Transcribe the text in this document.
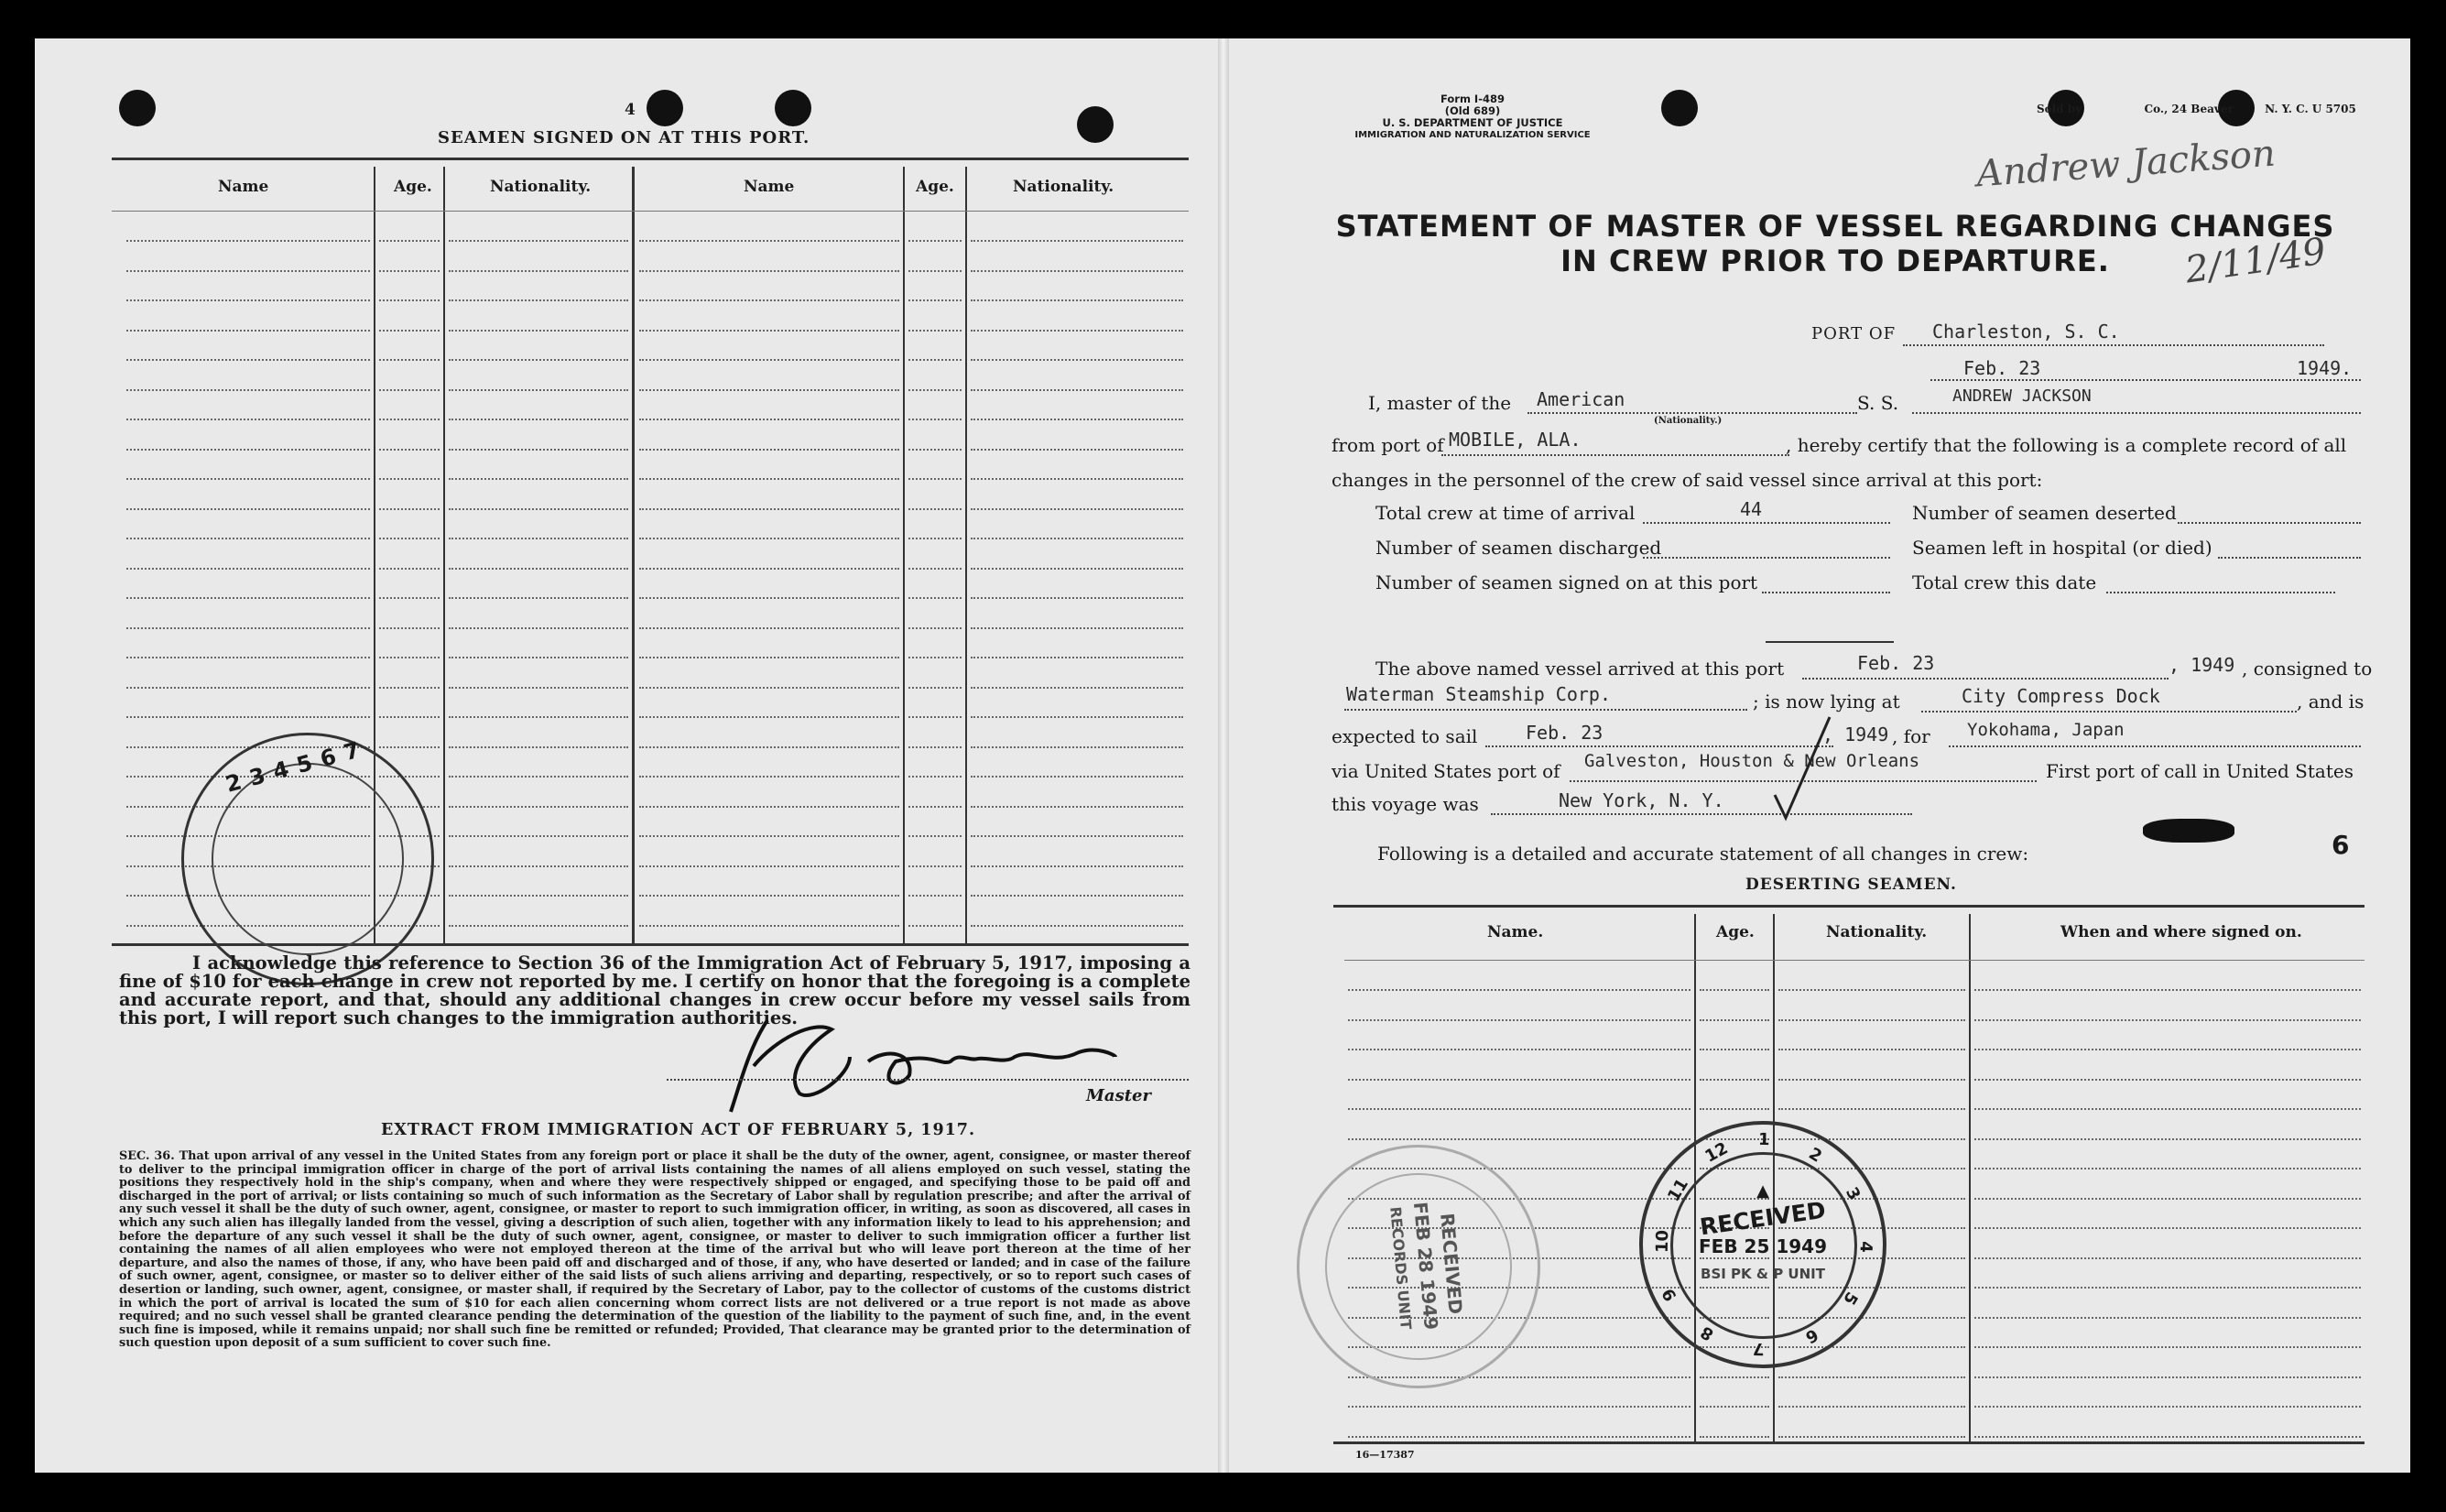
4
SEAMEN SIGNED ON AT THIS PORT.
Name	Age.	Nationality.	Name	Age.	Nationality.
234567
I acknowledge this reference to Section 36 of the Immigration Act of February 5, 1917, imposing a fine of $10 for each change in crew not reported by me. I certify on honor that the foregoing is a complete and accurate report, and that, should any additional changes in crew occur before my vessel sails from this port, I will report such changes to the immigration authorities.
Master
EXTRACT FROM IMMIGRATION ACT OF FEBRUARY 5, 1917.
SEC. 36. That upon arrival of any vessel in the United States from any foreign port or place it shall be the duty of the owner, agent, consignee, or master thereof to deliver to the principal immigration officer in charge of the port of arrival lists containing the names of all aliens employed on such vessel, stating the positions they respectively hold in the ship's company, when and where they were respectively shipped or engaged, and specifying those to be paid off and discharged in the port of arrival; or lists containing so much of such information as the Secretary of Labor shall by regulation prescribe; and after the arrival of any such vessel it shall be the duty of such owner, agent, consignee, or master to report to such immigration officer, in writing, as soon as discovered, all cases in which any such alien has illegally landed from the vessel, giving a description of such alien, together with any information likely to lead to his apprehension; and before the departure of any such vessel it shall be the duty of such owner, agent, consignee, or master to deliver to such immigration officer a further list containing the names of all alien employees who were not employed thereon at the time of the arrival but who will leave port thereon at the time of her departure, and also the names of those, if any, who have been paid off and discharged and of those, if any, who have deserted or landed; and in case of the failure of such owner, agent, consignee, or master so to deliver either of the said lists of such aliens arriving and departing, respectively, or so to report such cases of desertion or landing, such owner, agent, consignee, or master shall, if required by the Secretary of Labor, pay to the collector of customs of the customs district in which the port of arrival is located the sum of $10 for each alien concerning whom correct lists are not delivered or a true report is not made as above required; and no such vessel shall be granted clearance pending the determination of the question of the liability to the payment of such fine, and, in the event such fine is imposed, while it remains unpaid; nor shall such fine be remitted or refunded; Provided, That clearance may be granted prior to the determination of such question upon deposit of a sum sufficient to cover such fine.
Form I-489
(Old 689)
U. S. DEPARTMENT OF JUSTICE
IMMIGRATION AND NATURALIZATION SERVICE
Sold by	Co., 24 Beaver	N. Y. C. U 5705
Andrew Jackson
2/11/49
STATEMENT OF MASTER OF VESSEL REGARDING CHANGES
IN CREW PRIOR TO DEPARTURE.
PORT OF Charleston, S. C.
Feb. 23	1949.
I, master of the American
(Nationality.)
S. S.	ANDREW JACKSON
from port of MOBILE, ALA.	, hereby certify that the following is a complete record of all
changes in the personnel of the crew of said vessel since arrival at this port:
Total crew at time of arrival	44	Number of seamen deserted
Number of seamen discharged	Seamen left in hospital (or died)
Number of seamen signed on at this port	Total crew this date
The above named vessel arrived at this port	Feb. 23	, 1949 , consigned to
Waterman Steamship Corp.	; is now lying at	City Compress Dock	, and is
expected to sail	Feb. 23	, 1949 , for Yokohama, Japan
via United States port of Galveston, Houston & New Orleans	First port of call in United States
this voyage was	New York, N. Y.
Following is a detailed and accurate statement of all changes in crew:	6
DESERTING SEAMEN.
Name.	Age.	Nationality.	When and where signed on.
RECEIVED
FEB 28 1949
RECORDS UNIT
12 1
2
3
4
5
6
7
8
9
10
11	▲
RECEIVED
FEB 25 1949
BSI PK & P UNIT
16—17387
